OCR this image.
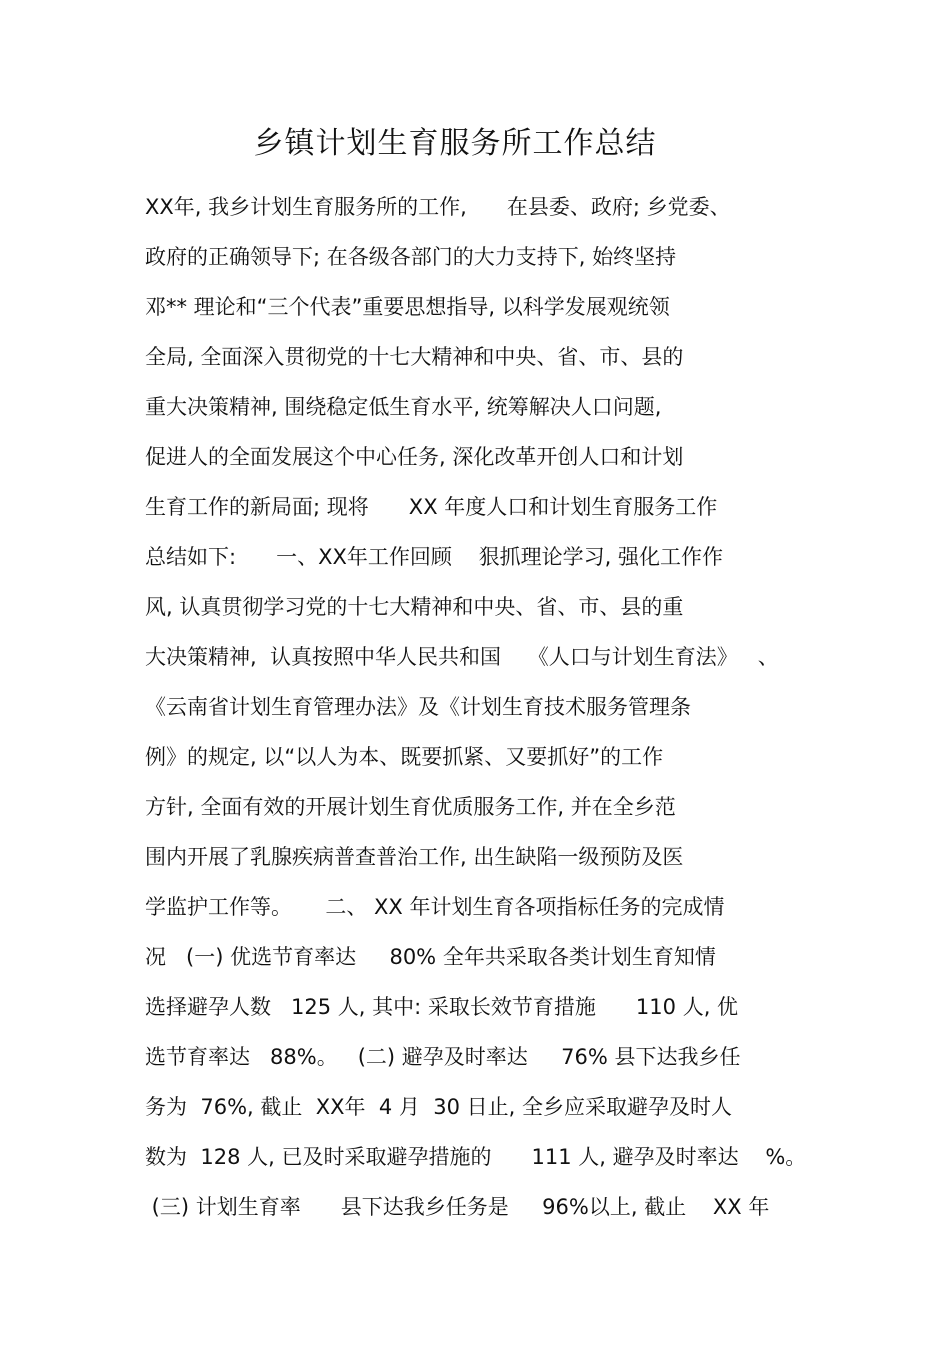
乡镇计划生育服务所工作总结
XX年, 我乡计划生育服务所的工作,      在县委、政府; 乡党委、
政府的正确领导下; 在各级各部门的大力支持下, 始终坚持
邓** 理论和“三个代表”重要思想指导, 以科学发展观统领
全局, 全面深入贯彻党的十七大精神和中央、省、市、县的
重大决策精神, 围绕稳定低生育水平, 统筹解决人口问题,
促进人的全面发展这个中心任务, 深化改革开创人口和计划
生育工作的新局面; 现将      XX 年度人口和计划生育服务工作
总结如下:      一、XX年工作回顾    狠抓理论学习, 强化工作作
风, 认真贯彻学习党的十七大精神和中央、省、市、县的重
大决策精神,  认真按照中华人民共和国    《人口与计划生育法》   、
《云南省计划生育管理办法》及《计划生育技术服务管理条
例》的规定, 以“以人为本、既要抓紧、又要抓好”的工作
方针, 全面有效的开展计划生育优质服务工作, 并在全乡范
围内开展了乳腺疾病普查普治工作, 出生缺陷一级预防及医
学监护工作等。     二、 XX 年计划生育各项指标任务的完成情
况   (一) 优选节育率达     80% 全年共采取各类计划生育知情
选择避孕人数   125 人, 其中: 采取长效节育措施      110 人, 优
选节育率达   88%。   (二) 避孕及时率达     76% 县下达我乡任
务为  76%, 截止  XX年  4 月  30 日止, 全乡应采取避孕及时人
数为  128 人, 已及时采取避孕措施的      111 人, 避孕及时率达    %。
(三) 计划生育率      县下达我乡任务是     96%以上, 截止    XX 年
